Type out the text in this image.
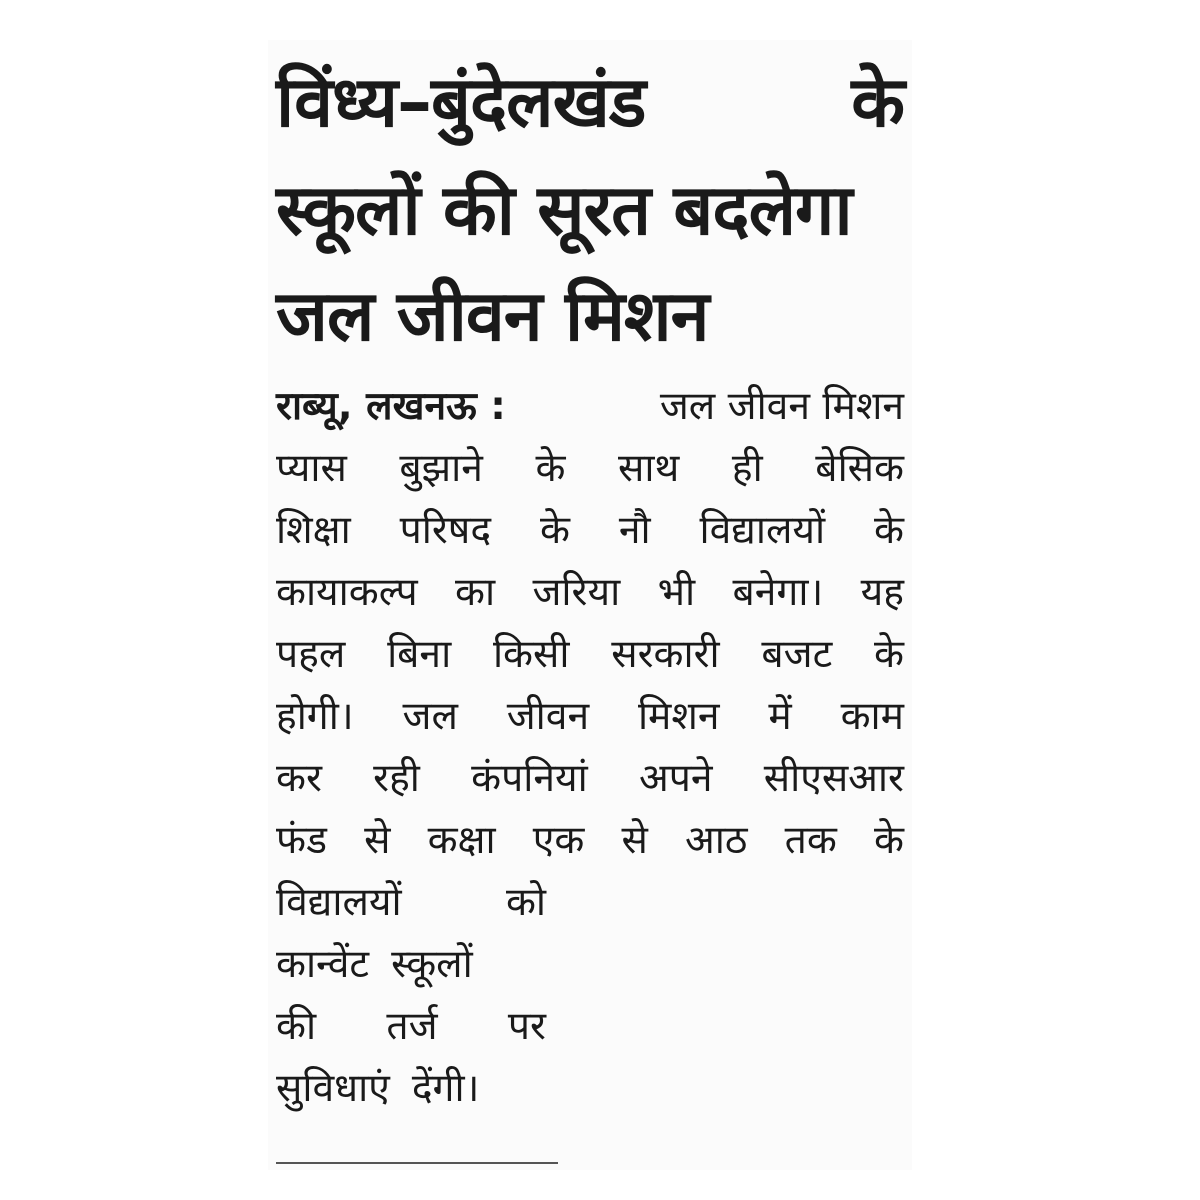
विंध्य–बुंदेलखंड	के
स्कूलों की सूरत बदलेगा
जल जीवन मिशन
राब्यू, लखनऊ :	जल जीवन मिशन
प्यास बुझाने के साथ ही बेसिक
शिक्षा परिषद के नौ विद्यालयों के
कायाकल्प का जरिया भी बनेगा। यह
पहल बिना किसी सरकारी बजट के
होगी। जल जीवन मिशन में काम
कर रही कंपनियां अपने सीएसआर
फंड से कक्षा एक से आठ तक के
विद्यालयों	को
कान्वेंट स्कूलों
की तर्ज पर
सुविधाएं देंगी।
